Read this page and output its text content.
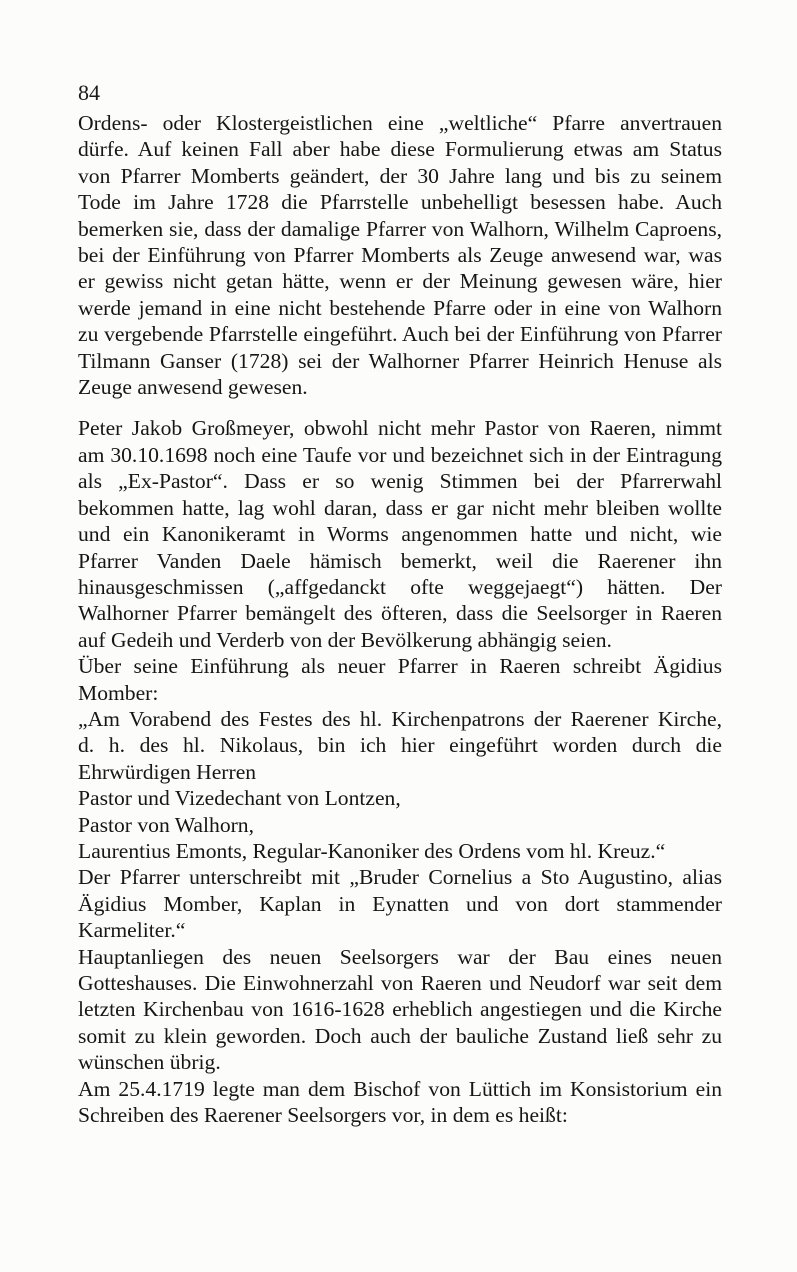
84

Ordens- oder Klostergeistlichen eine „weltliche“ Pfarre anvertrauen
dürfe. Auf keinen Fall aber habe diese Formulierung etwas am Status
von Pfarrer Momberts geändert, der 30 Jahre lang und bis zu seinem
Tode im Jahre 1728 die Pfarrstelle unbehelligt besessen habe. Auch
bemerken sie, dass der damalige Pfarrer von Walhorn, Wilhelm Caproens,
bei der Einführung von Pfarrer Momberts als Zeuge anwesend war, was
er gewiss nicht getan hätte, wenn er der Meinung gewesen wäre, hier
werde jemand in eine nicht bestehende Pfarre oder in eine von Walhorn
zu vergebende Pfarrstelle eingeführt. Auch bei der Einführung von Pfarrer
Tilmann Ganser (1728) sei der Walhorner Pfarrer Heinrich Henuse als
Zeuge anwesend gewesen.

Peter Jakob Großmeyer, obwohl nicht mehr Pastor von Raeren, nimmt
am 30.10.1698 noch eine Taufe vor und bezeichnet sich in der Eintragung
als „Ex-Pastor“. Dass er so wenig Stimmen bei der Pfarrerwahl
bekommen hatte, lag wohl daran, dass er gar nicht mehr bleiben wollte
und ein Kanonikeramt in Worms angenommen hatte und nicht, wie
Pfarrer Vanden Daele hämisch bemerkt, weil die Raerener ihn
hinausgeschmissen („affgedanckt ofte weggejaegt“) hätten. Der
Walhorner Pfarrer bemängelt des öfteren, dass die Seelsorger in Raeren
auf Gedeih und Verderb von der Bevölkerung abhängig seien.

Über seine Einführung als neuer Pfarrer in Raeren schreibt Ägidius
Momber:

„Am Vorabend des Festes des hl. Kirchenpatrons der Raerener Kirche,
d. h. des hl. Nikolaus, bin ich hier eingeführt worden durch die
Ehrwürdigen Herren

Pastor und Vizedechant von Lontzen,

Pastor von Walhorn,

Laurentius Emonts, Regular-Kanoniker des Ordens vom hl. Kreuz.“

Der Pfarrer unterschreibt mit „Bruder Cornelius a Sto Augustino, alias
Ägidius Momber, Kaplan in Eynatten und von dort stammender
Karmeliter.“

Hauptanliegen des neuen Seelsorgers war der Bau eines neuen
Gotteshauses. Die Einwohnerzahl von Raeren und Neudorf war seit dem
letzten Kirchenbau von 1616-1628 erheblich angestiegen und die Kirche
somit zu klein geworden. Doch auch der bauliche Zustand ließ sehr zu
wünschen übrig.

Am 25.4.1719 legte man dem Bischof von Lüttich im Konsistorium ein
Schreiben des Raerener Seelsorgers vor, in dem es heißt:
